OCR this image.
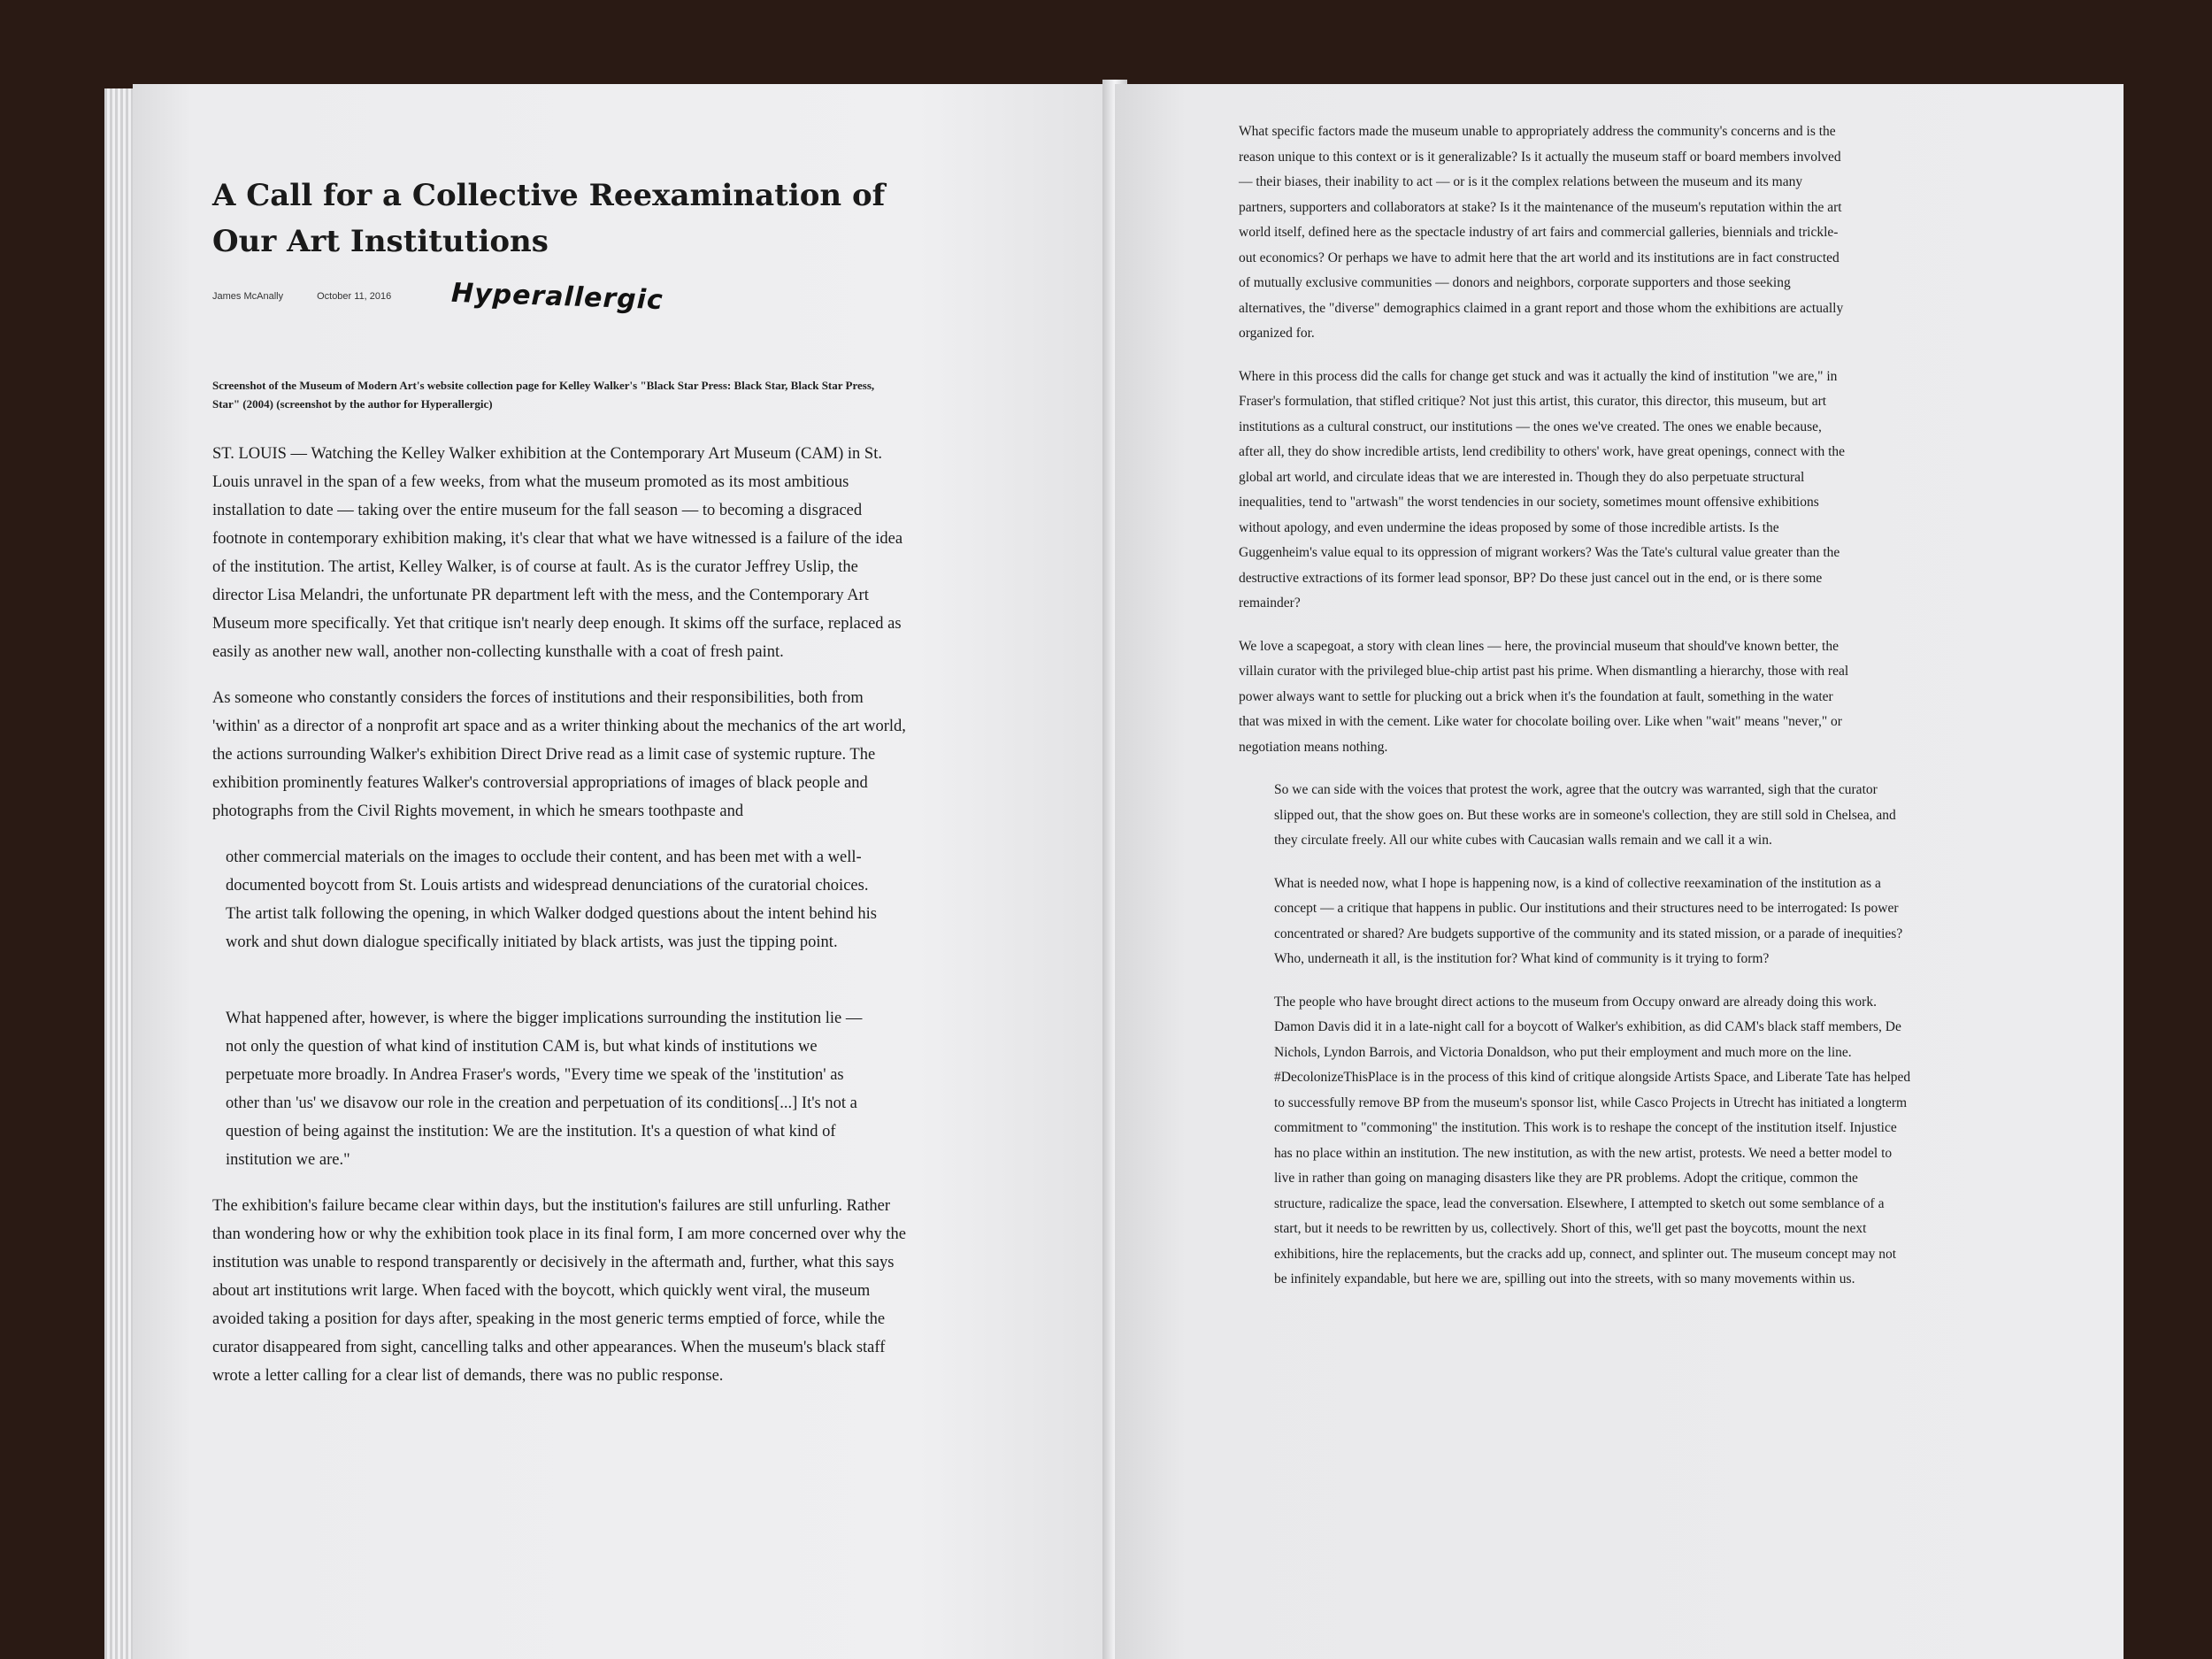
A Call for a Collective Reexamination of Our Art Institutions
James McAnally	October 11, 2016 Hyperallergic
Screenshot of the Museum of Modern Art's website collection page for Kelley Walker's "Black Star Press: Black Star, Black Star Press, Star" (2004) (screenshot by the author for Hyperallergic)

ST. LOUIS — Watching the Kelley Walker exhibition at the Contemporary Art Museum (CAM) in St. Louis unravel in the span of a few weeks, from what the museum promoted as its most ambitious installation to date — taking over the entire museum for the fall season — to becoming a disgraced footnote in contemporary exhibition making, it's clear that what we have witnessed is a failure of the idea of the institution. The artist, Kelley Walker, is of course at fault. As is the curator Jeffrey Uslip, the director Lisa Melandri, the unfortunate PR department left with the mess, and the Contemporary Art Museum more specifically. Yet that critique isn't nearly deep enough. It skims off the surface, replaced as easily as another new wall, another non-collecting kunsthalle with a coat of fresh paint.

As someone who constantly considers the forces of institutions and their responsibilities, both from 'within' as a director of a nonprofit art space and as a writer thinking about the mechanics of the art world, the actions surrounding Walker's exhibition Direct Drive read as a limit case of systemic rupture. The exhibition prominently features Walker's controversial appropriations of images of black people and photographs from the Civil Rights movement, in which he smears toothpaste and

other commercial materials on the images to occlude their content, and has been met with a well-documented boycott from St. Louis artists and widespread denunciations of the curatorial choices. The artist talk following the opening, in which Walker dodged questions about the intent behind his work and shut down dialogue specifically initiated by black artists, was just the tipping point.

What happened after, however, is where the bigger implications surrounding the institution lie — not only the question of what kind of institution CAM is, but what kinds of institutions we perpetuate more broadly. In Andrea Fraser's words, "Every time we speak of the 'institution' as other than 'us' we disavow our role in the creation and perpetuation of its conditions[...] It's not a question of being against the institution: We are the institution. It's a question of what kind of institution we are."

The exhibition's failure became clear within days, but the institution's failures are still unfurling. Rather than wondering how or why the exhibition took place in its final form, I am more concerned over why the institution was unable to respond transparently or decisively in the aftermath and, further, what this says about art institutions writ large. When faced with the boycott, which quickly went viral, the museum avoided taking a position for days after, speaking in the most generic terms emptied of force, while the curator disappeared from sight, cancelling talks and other appearances. When the museum's black staff wrote a letter calling for a clear list of demands, there was no public response.

What specific factors made the museum unable to appropriately address the community's concerns and is the reason unique to this context or is it generalizable? Is it actually the museum staff or board members involved — their biases, their inability to act — or is it the complex relations between the museum and its many partners, supporters and collaborators at stake? Is it the maintenance of the museum's reputation within the art world itself, defined here as the spectacle industry of art fairs and commercial galleries, biennials and trickle-out economics? Or perhaps we have to admit here that the art world and its institutions are in fact constructed of mutually exclusive communities — donors and neighbors, corporate supporters and those seeking alternatives, the "diverse" demographics claimed in a grant report and those whom the exhibitions are actually organized for.

Where in this process did the calls for change get stuck and was it actually the kind of institution "we are," in Fraser's formulation, that stifled critique? Not just this artist, this curator, this director, this museum, but art institutions as a cultural construct, our institutions — the ones we've created. The ones we enable because, after all, they do show incredible artists, lend credibility to others' work, have great openings, connect with the global art world, and circulate ideas that we are interested in. Though they do also perpetuate structural inequalities, tend to "artwash" the worst tendencies in our society, sometimes mount offensive exhibitions without apology, and even undermine the ideas proposed by some of those incredible artists. Is the Guggenheim's value equal to its oppression of migrant workers? Was the Tate's cultural value greater than the destructive extractions of its former lead sponsor, BP? Do these just cancel out in the end, or is there some remainder?

We love a scapegoat, a story with clean lines — here, the provincial museum that should've known better, the villain curator with the privileged blue-chip artist past his prime. When dismantling a hierarchy, those with real power always want to settle for plucking out a brick when it's the foundation at fault, something in the water that was mixed in with the cement. Like water for chocolate boiling over. Like when "wait" means "never," or negotiation means nothing.

So we can side with the voices that protest the work, agree that the outcry was warranted, sigh that the curator slipped out, that the show goes on. But these works are in someone's collection, they are still sold in Chelsea, and they circulate freely. All our white cubes with Caucasian walls remain and we call it a win.

What is needed now, what I hope is happening now, is a kind of collective reexamination of the institution as a concept — a critique that happens in public. Our institutions and their structures need to be interrogated: Is power concentrated or shared? Are budgets supportive of the community and its stated mission, or a parade of inequities? Who, underneath it all, is the institution for? What kind of community is it trying to form?

The people who have brought direct actions to the museum from Occupy onward are already doing this work. Damon Davis did it in a late-night call for a boycott of Walker's exhibition, as did CAM's black staff members, De Nichols, Lyndon Barrois, and Victoria Donaldson, who put their employment and much more on the line. #DecolonizeThisPlace is in the process of this kind of critique alongside Artists Space, and Liberate Tate has helped to successfully remove BP from the museum's sponsor list, while Casco Projects in Utrecht has initiated a longterm commitment to "commoning" the institution. This work is to reshape the concept of the institution itself. Injustice has no place within an institution. The new institution, as with the new artist, protests. We need a better model to live in rather than going on managing disasters like they are PR problems. Adopt the critique, common the structure, radicalize the space, lead the conversation. Elsewhere, I attempted to sketch out some semblance of a start, but it needs to be rewritten by us, collectively. Short of this, we'll get past the boycotts, mount the next exhibitions, hire the replacements, but the cracks add up, connect, and splinter out. The museum concept may not be infinitely expandable, but here we are, spilling out into the streets, with so many movements within us.
